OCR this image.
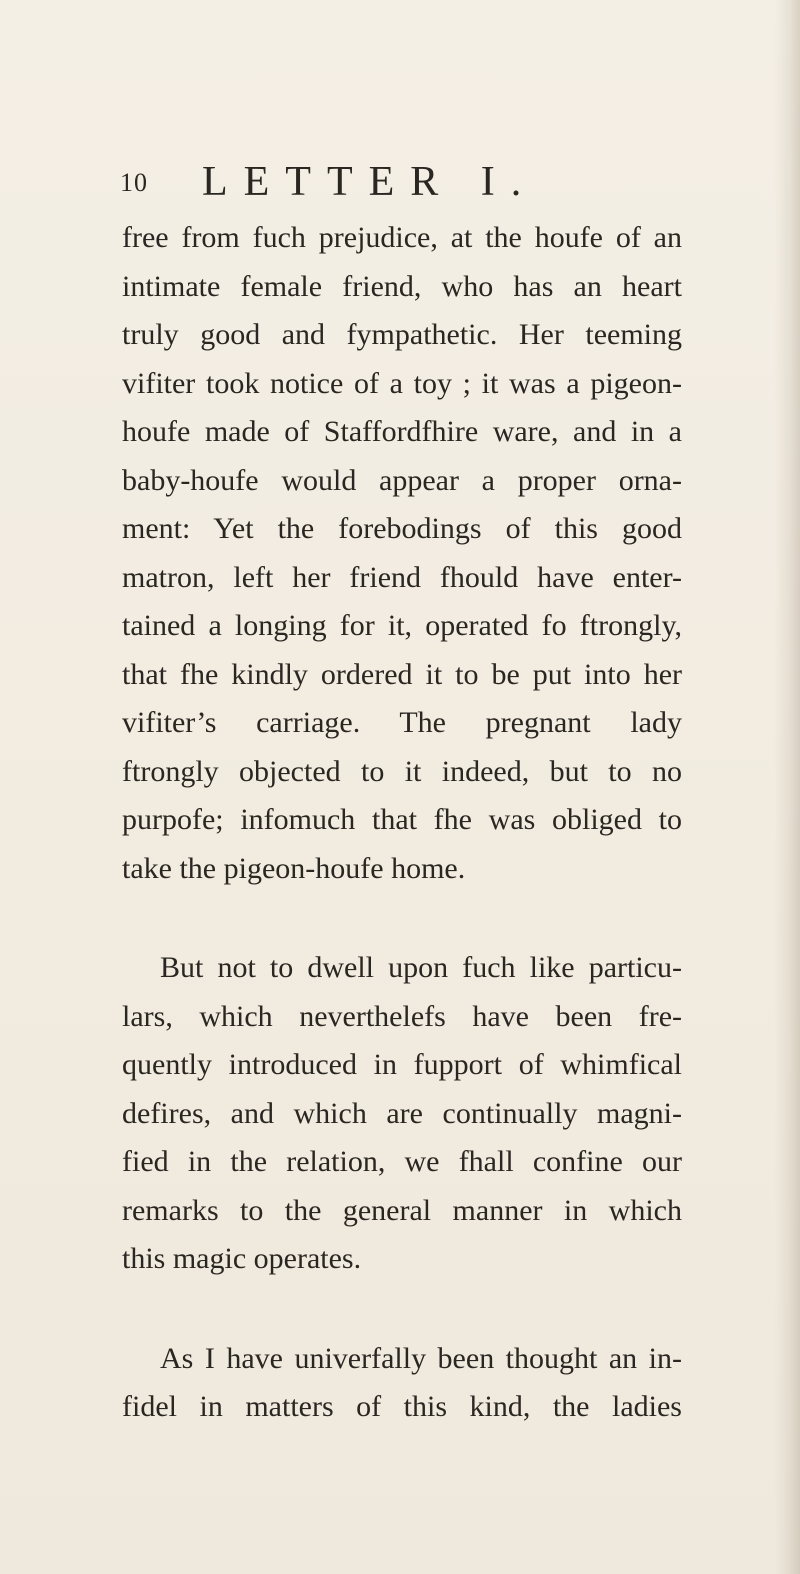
10 LETTER I.
free from fuch prejudice, at the houfe of an
intimate female friend, who has an heart
truly good and fympathetic. Her teeming
vifiter took notice of a toy ; it was a pigeon-
houfe made of Staffordfhire ware, and in a
baby-houfe would appear a proper orna-
ment: Yet the forebodings of this good
matron, left her friend fhould have enter-
tained a longing for it, operated fo ftrongly,
that fhe kindly ordered it to be put into her
vifiter’s carriage. The pregnant lady
ftrongly objected to it indeed, but to no
purpofe; infomuch that fhe was obliged to
take the pigeon-houfe home.
But not to dwell upon fuch like particu-
lars, which neverthelefs have been fre-
quently introduced in fupport of whimfical
defires, and which are continually magni-
fied in the relation, we fhall confine our
remarks to the general manner in which
this magic operates.
As I have univerfally been thought an in-
fidel in matters of this kind, the ladies
